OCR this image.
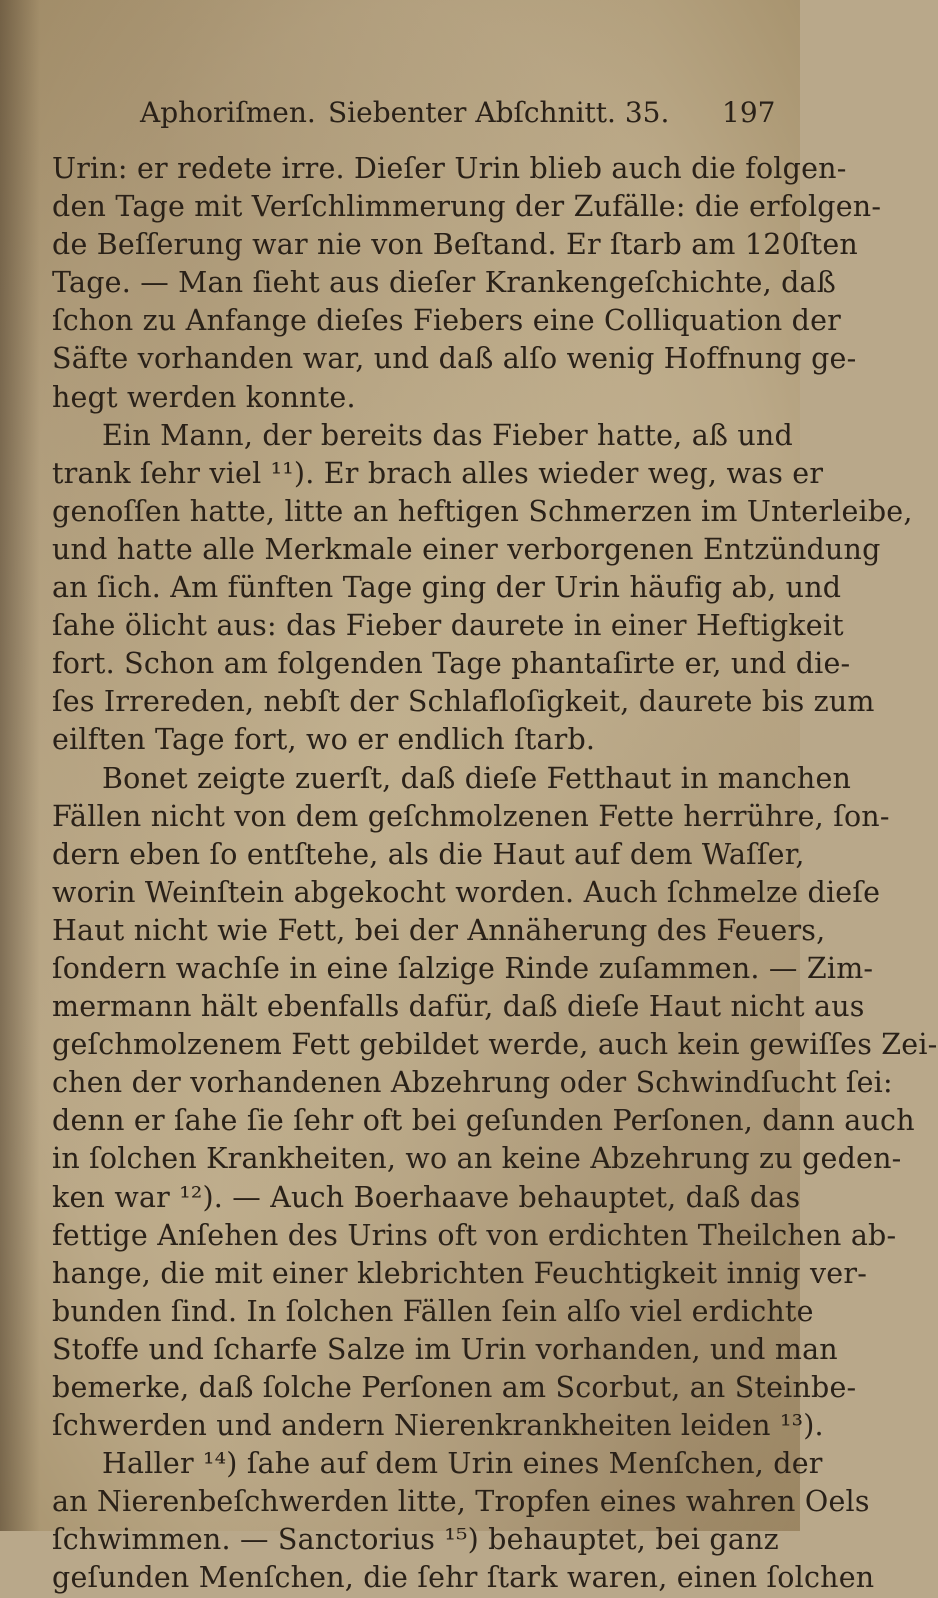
Aphoriſmen. Siebenter Abſchnitt. 35. 197
Urin: er redete irre. Dieſer Urin blieb auch die folgen-
den Tage mit Verſchlimmerung der Zufälle: die erfolgen-
de Beſſerung war nie von Beſtand. Er ſtarb am 120ſten
Tage. — Man ſieht aus dieſer Krankengeſchichte, daß
ſchon zu Anfange dieſes Fiebers eine Colliquation der
Säfte vorhanden war, und daß alſo wenig Hoffnung ge-
hegt werden konnte.
Ein Mann, der bereits das Fieber hatte, aß und
trank ſehr viel ¹¹). Er brach alles wieder weg, was er
genoſſen hatte, litte an heftigen Schmerzen im Unterleibe,
und hatte alle Merkmale einer verborgenen Entzündung
an ſich. Am fünften Tage ging der Urin häufig ab, und
ſahe ölicht aus: das Fieber daurete in einer Heftigkeit
fort. Schon am folgenden Tage phantaſirte er, und die-
ſes Irrereden, nebſt der Schlafloſigkeit, daurete bis zum
eilften Tage fort, wo er endlich ſtarb.
Bonet zeigte zuerſt, daß dieſe Fetthaut in manchen
Fällen nicht von dem geſchmolzenen Fette herrühre, ſon-
dern eben ſo entſtehe, als die Haut auf dem Waſſer,
worin Weinſtein abgekocht worden. Auch ſchmelze dieſe
Haut nicht wie Fett, bei der Annäherung des Feuers,
ſondern wachſe in eine ſalzige Rinde zuſammen. — Zim-
mermann hält ebenfalls dafür, daß dieſe Haut nicht aus
geſchmolzenem Fett gebildet werde, auch kein gewiſſes Zei-
chen der vorhandenen Abzehrung oder Schwindſucht ſei:
denn er ſahe ſie ſehr oft bei geſunden Perſonen, dann auch
in ſolchen Krankheiten, wo an keine Abzehrung zu geden-
ken war ¹²). — Auch Boerhaave behauptet, daß das
fettige Anſehen des Urins oft von erdichten Theilchen ab-
hange, die mit einer klebrichten Feuchtigkeit innig ver-
bunden ſind. In ſolchen Fällen ſein alſo viel erdichte
Stoffe und ſcharfe Salze im Urin vorhanden, und man
bemerke, daß ſolche Perſonen am Scorbut, an Steinbe-
ſchwerden und andern Nierenkrankheiten leiden ¹³).
Haller ¹⁴) ſahe auf dem Urin eines Menſchen, der
an Nierenbeſchwerden litte, Tropfen eines wahren Oels
ſchwimmen. — Sanctorius ¹⁵) behauptet, bei ganz
geſunden Menſchen, die ſehr ſtark waren, einen ſolchen
